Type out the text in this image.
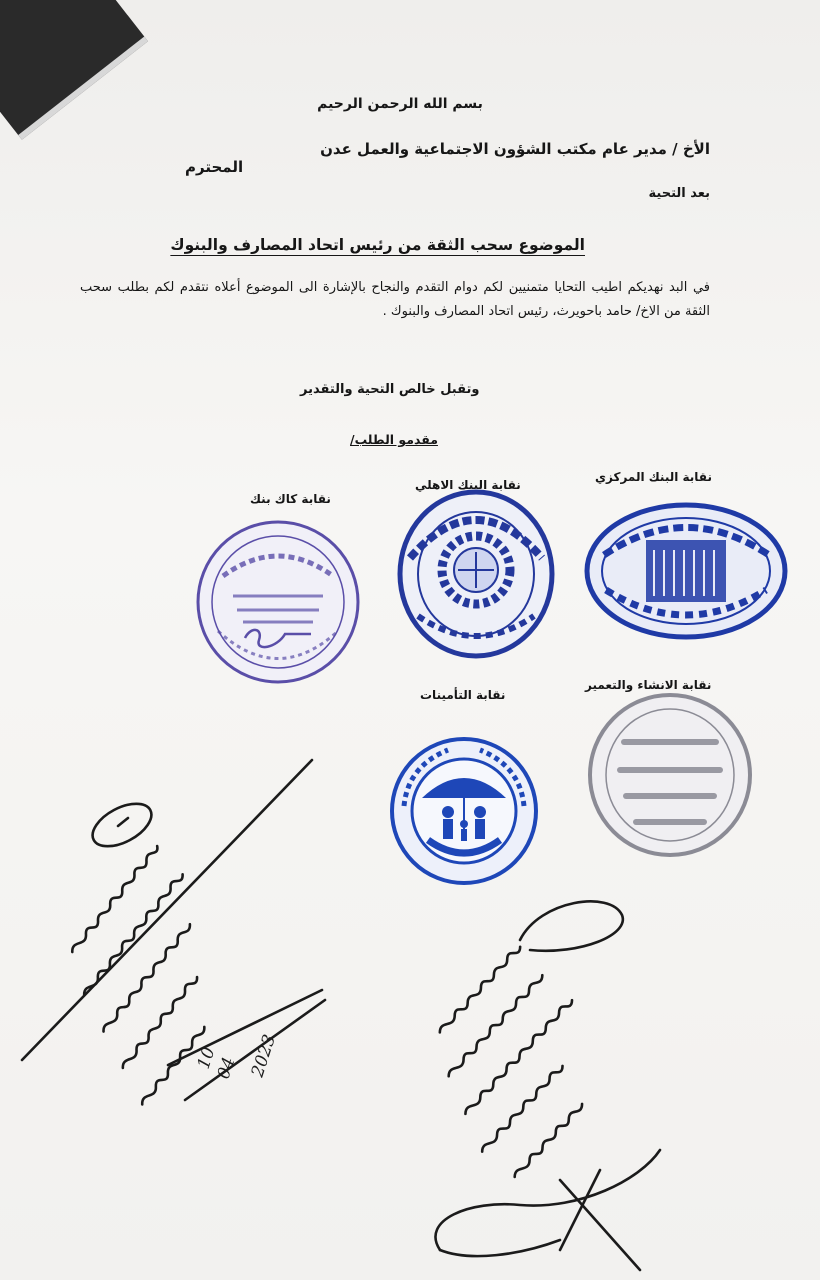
بسم الله الرحمن الرحيم
الأخ / مدير عام مكتب الشؤون الاجتماعية والعمل عدن
المحترم
بعد التحية
الموضوع سحب الثقة من رئيس اتحاد المصارف والبنوك
في البد نهديكم اطيب التحايا متمنيين لكم دوام التقدم والنجاح بالإشارة الى الموضوع أعلاه نتقدم لكم بطلب سحب الثقة من الاخ/ حامد باحويرث، رئيس اتحاد المصارف والبنوك .
وتقبل خالص التحية والتقدير
مقدمو الطلب/
نقابة البنك المركزي
نقابة البنك الاهلي
نقابة كاك بنك
نقابة الانشاء والتعمير
نقابة التأمينات
10
04 2023
